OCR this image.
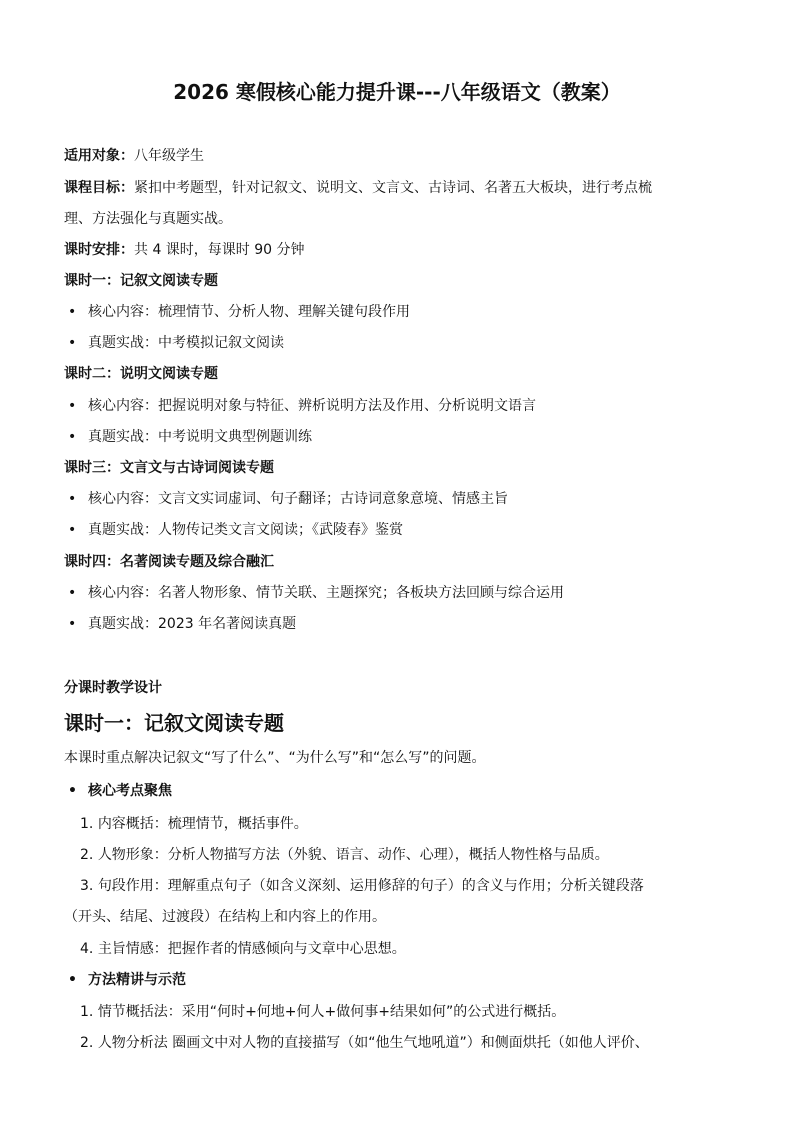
2026 寒假核心能力提升课---八年级语文（教案）
适用对象：八年级学生
课程目标：紧扣中考题型，针对记叙文、说明文、文言文、古诗词、名著五大板块，进行考点梳
理、方法强化与真题实战。
课时安排：共 4 课时，每课时 90 分钟
课时一：记叙文阅读专题
• 核心内容：梳理情节、分析人物、理解关键句段作用
• 真题实战：中考模拟记叙文阅读
课时二：说明文阅读专题
• 核心内容：把握说明对象与特征、辨析说明方法及作用、分析说明文语言
• 真题实战：中考说明文典型例题训练
课时三：文言文与古诗词阅读专题
• 核心内容：文言文实词虚词、句子翻译；古诗词意象意境、情感主旨
• 真题实战：人物传记类文言文阅读；《武陵春》鉴赏
课时四：名著阅读专题及综合融汇
• 核心内容：名著人物形象、情节关联、主题探究；各板块方法回顾与综合运用
• 真题实战：2023 年名著阅读真题
分课时教学设计
课时一：记叙文阅读专题
本课时重点解决记叙文“写了什么”、“为什么写”和“怎么写”的问题。
• 核心考点聚焦
1. 内容概括：梳理情节，概括事件。
2. 人物形象：分析人物描写方法（外貌、语言、动作、心理），概括人物性格与品质。
3. 句段作用：理解重点句子（如含义深刻、运用修辞的句子）的含义与作用；分析关键段落
（开头、结尾、过渡段）在结构上和内容上的作用。
4. 主旨情感：把握作者的情感倾向与文章中心思想。
• 方法精讲与示范
1. 情节概括法：采用“何时+何地+何人+做何事+结果如何”的公式进行概括。
2. 人物分析法 圈画文中对人物的直接描写（如“他生气地吼道”）和侧面烘托（如他人评价、
